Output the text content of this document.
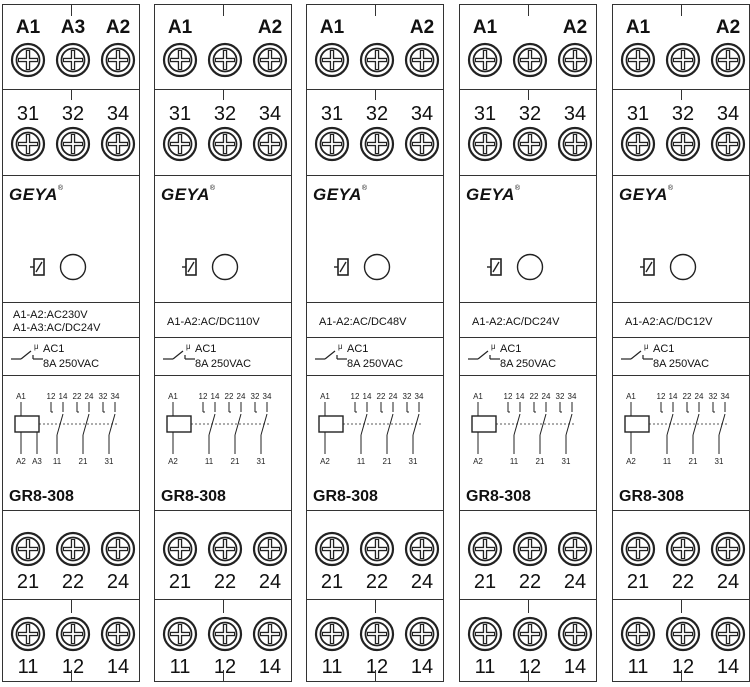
A1 A3 A2
31 32 34
GEYA®
A1-A2:AC230V
A1-A3:AC/DC24V
μ AC1
8A 250VAC
A1	12 14 22 24 32 34
A2 A3 11 21 31
GR8-308
21 22 24
11 12 14
A1	A2
31 32 34
GEYA®
A1-A2:AC/DC110V
μ AC1
8A 250VAC
A1	12 14 22 24 32 34
A2	11 21 31
GR8-308
21 22 24
11 12 14
A1	A2
31 32 34
GEYA®
A1-A2:AC/DC48V
μ AC1
8A 250VAC
A1	12 14 22 24 32 34
A2	11 21 31
GR8-308
21 22 24
11 12 14
A1	A2
31 32 34
GEYA®
A1-A2:AC/DC24V
μ AC1
8A 250VAC
A1	12 14 22 24 32 34
A2	11 21 31
GR8-308
21 22 24
11 12 14
A1	A2
31 32 34
GEYA®
A1-A2:AC/DC12V
μ AC1
8A 250VAC
A1	12 14 22 24 32 34
A2	11 21 31
GR8-308
21 22 24
11 12 14
